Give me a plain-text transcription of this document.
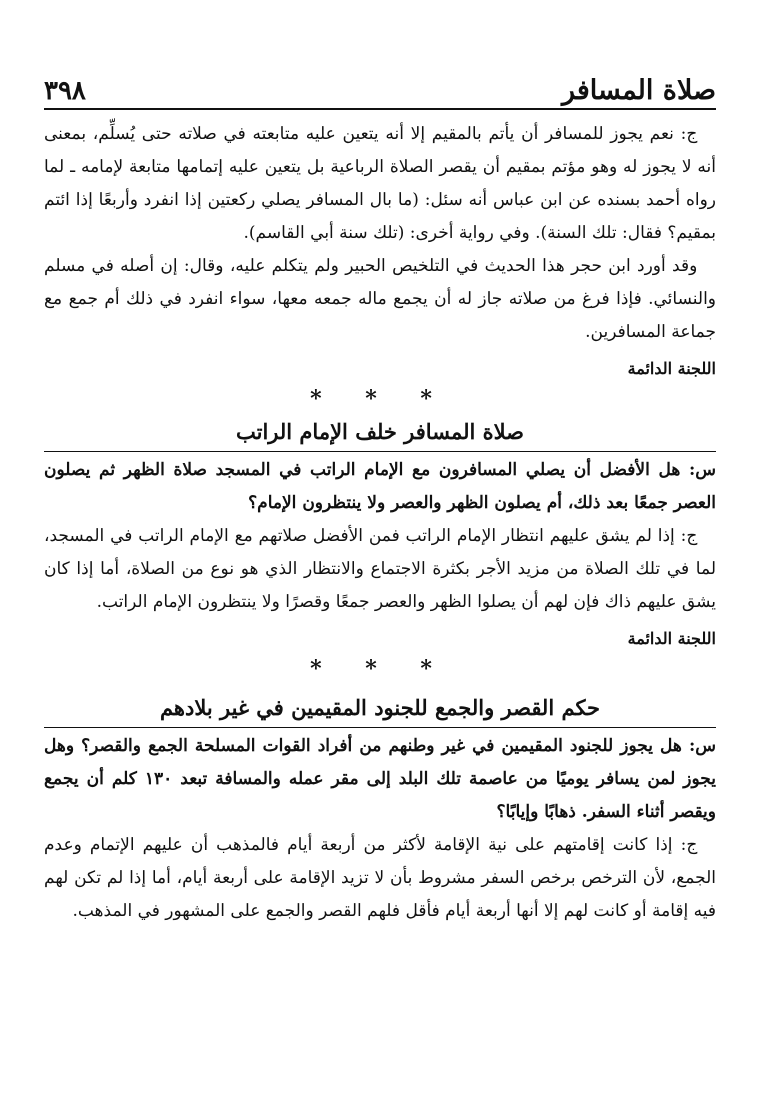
صلاة المسافر
٣٩٨

ج: نعم يجوز للمسافر أن يأتم بالمقيم إلا أنه يتعين عليه متابعته في صلاته حتى يُسلِّم، بمعنى أنه لا يجوز له وهو مؤتم بمقيم أن يقصر الصلاة الرباعية بل يتعين عليه إتمامها متابعة لإمامه ـ لما رواه أحمد بسنده عن ابن عباس أنه سئل: (ما بال المسافر يصلي ركعتين إذا انفرد وأربعًا إذا ائتم بمقيم؟ فقال: تلك السنة). وفي رواية أخرى: (تلك سنة أبي القاسم).

وقد أورد ابن حجر هذا الحديث في التلخيص الحبير ولم يتكلم عليه، وقال: إن أصله في مسلم والنسائي. فإذا فرغ من صلاته جاز له أن يجمع ماله جمعه معها، سواء انفرد في ذلك أم جمع مع جماعة المسافرين.

اللجنة الدائمة

* * *

صلاة المسافر خلف الإمام الراتب

س: هل الأفضل أن يصلي المسافرون مع الإمام الراتب في المسجد صلاة الظهر ثم يصلون العصر جمعًا بعد ذلك، أم يصلون الظهر والعصر ولا ينتظرون الإمام؟

ج: إذا لم يشق عليهم انتظار الإمام الراتب فمن الأفضل صلاتهم مع الإمام الراتب في المسجد، لما في تلك الصلاة من مزيد الأجر بكثرة الاجتماع والانتظار الذي هو نوع من الصلاة، أما إذا كان يشق عليهم ذاك فإن لهم أن يصلوا الظهر والعصر جمعًا وقصرًا ولا ينتظرون الإمام الراتب.

اللجنة الدائمة

* * *

حكم القصر والجمع للجنود المقيمين في غير بلادهم

س: هل يجوز للجنود المقيمين في غير وطنهم من أفراد القوات المسلحة الجمع والقصر؟ وهل يجوز لمن يسافر يوميًا من عاصمة تلك البلد إلى مقر عمله والمسافة تبعد ١٣٠ كلم أن يجمع ويقصر أثناء السفر. ذهابًا وإيابًا؟

ج: إذا كانت إقامتهم على نية الإقامة لأكثر من أربعة أيام فالمذهب أن عليهم الإتمام وعدم الجمع، لأن الترخص برخص السفر مشروط بأن لا تزيد الإقامة على أربعة أيام، أما إذا لم تكن لهم فيه إقامة أو كانت لهم إلا أنها أربعة أيام فأقل فلهم القصر والجمع على المشهور في المذهب.
